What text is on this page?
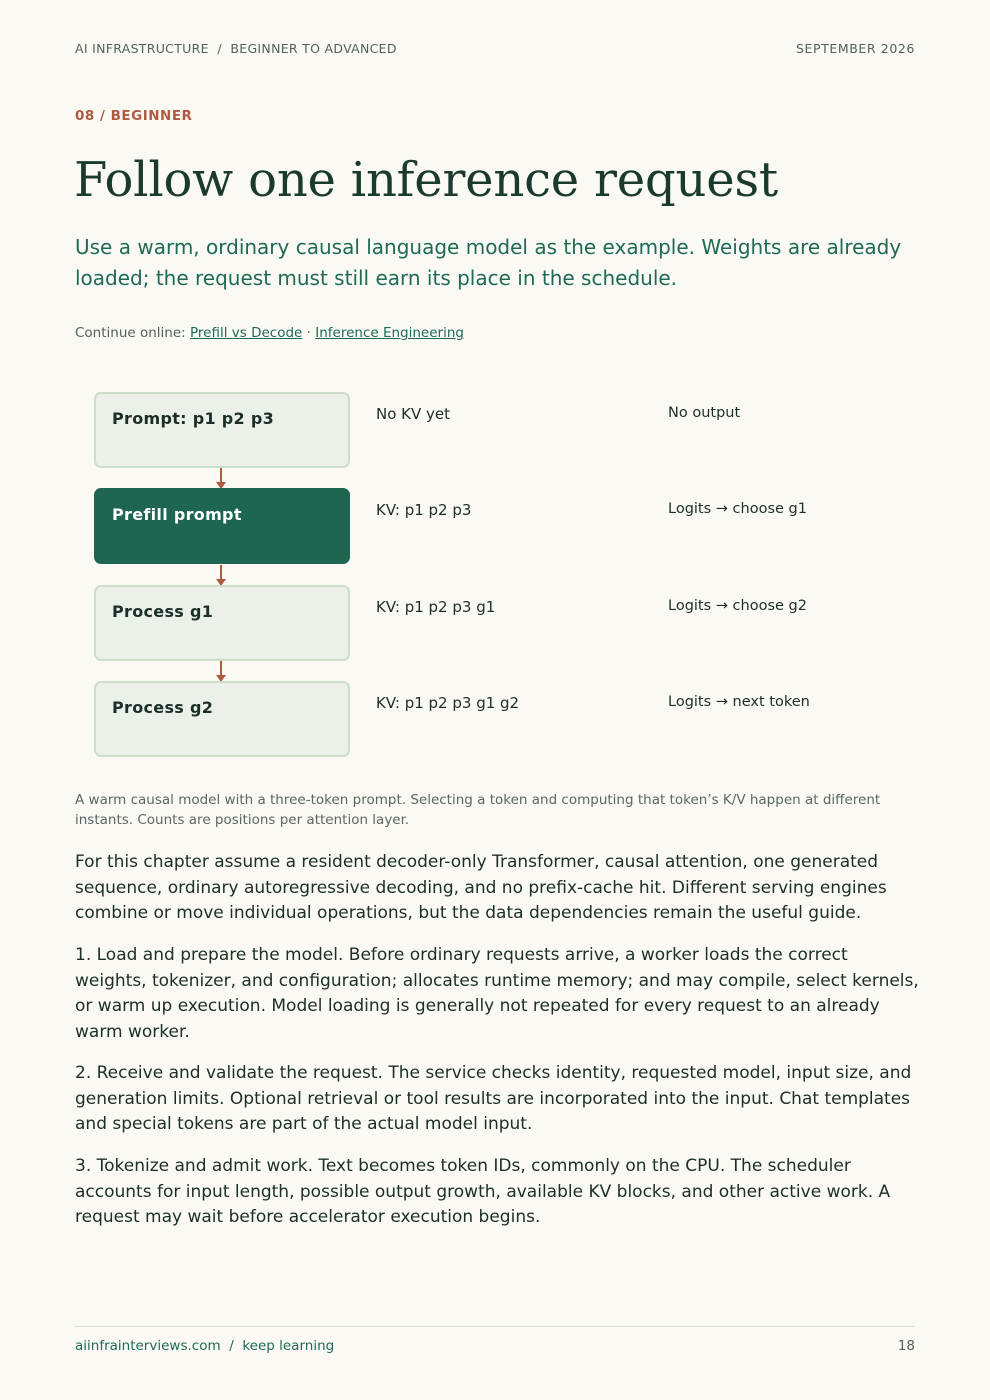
AI INFRASTRUCTURE  /  BEGINNER TO ADVANCED	SEPTEMBER 2026
08 / BEGINNER
Follow one inference request

Use a warm, ordinary causal language model as the example. Weights are already loaded; the request must still earn its place in the schedule.

Continue online: Prefill vs Decode · Inference Engineering
Prompt: p1 p2 p3	No KV yet	No output
Prefill prompt	KV: p1 p2 p3	Logits → choose g1
Process g1	KV: p1 p2 p3 g1	Logits → choose g2
Process g2	KV: p1 p2 p3 g1 g2	Logits → next token

A warm causal model with a three-token prompt. Selecting a token and computing that token’s K/V happen at different instants. Counts are positions per attention layer.

For this chapter assume a resident decoder-only Transformer, causal attention, one generated sequence, ordinary autoregressive decoding, and no prefix-cache hit. Different serving engines combine or move individual operations, but the data dependencies remain the useful guide.

1. Load and prepare the model. Before ordinary requests arrive, a worker loads the correct weights, tokenizer, and configuration; allocates runtime memory; and may compile, select kernels, or warm up execution. Model loading is generally not repeated for every request to an already warm worker.

2. Receive and validate the request. The service checks identity, requested model, input size, and generation limits. Optional retrieval or tool results are incorporated into the input. Chat templates and special tokens are part of the actual model input.

3. Tokenize and admit work. Text becomes token IDs, commonly on the CPU. The scheduler accounts for input length, possible output growth, available KV blocks, and other active work. A request may wait before accelerator execution begins.

aiinfrainterviews.com  /  keep learning	18
